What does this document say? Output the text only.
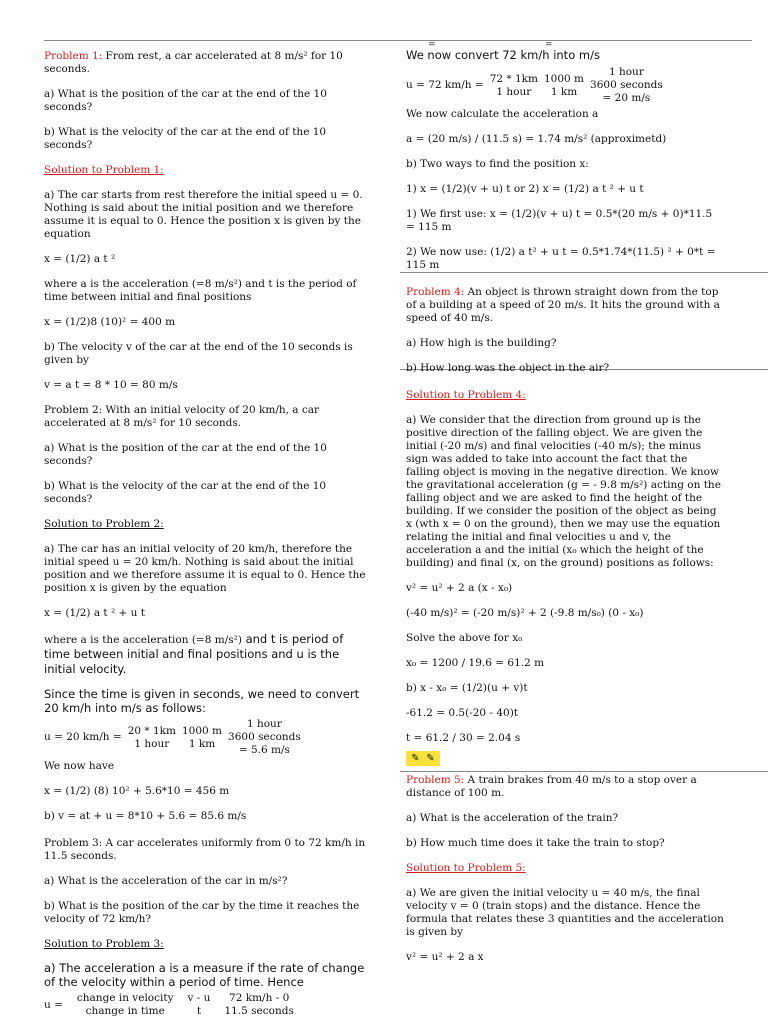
=	=

Problem 1: From rest, a car accelerated at 8 m/s² for 10 seconds.

a) What is the position of the car at the end of the 10 seconds?

b) What is the velocity of the car at the end of the 10 seconds?

Solution to Problem 1:

a) The car starts from rest therefore the initial speed u = 0. Nothing is said about the initial position and we therefore assume it is equal to 0. Hence the position x is given by the equation

x = (1/2) a t ²

where a is the acceleration (=8 m/s²) and t is the period of time between initial and final positions

x = (1/2)8 (10)² = 400 m

b) The velocity v of the car at the end of the 10 seconds is given by

v = a t = 8 * 10 = 80 m/s

Problem 2: With an initial velocity of 20 km/h, a car accelerated at 8 m/s² for 10 seconds.

a) What is the position of the car at the end of the 10 seconds?

b) What is the velocity of the car at the end of the 10 seconds?

Solution to Problem 2:

a) The car has an initial velocity of 20 km/h, therefore the initial speed u = 20 km/h. Nothing is said about the initial position and we therefore assume it is equal to 0. Hence the position x is given by the equation

x = (1/2) a t ² + u t

where a is the acceleration (=8 m/s²) and t is period of time between initial and final positions and u is the initial velocity.

Since the time is given in seconds, we need to convert 20 km/h into m/s as follows:

u = 20 km/h =
20 * 1km
1 hour
1000 m
1 km
1 hour
3600 seconds
= 5.6 m/s

We now have

x = (1/2) (8) 10² + 5.6*10 = 456 m

b) v = at + u = 8*10 + 5.6 = 85.6 m/s

Problem 3: A car accelerates uniformly from 0 to 72 km/h in 11.5 seconds.

a) What is the acceleration of the car in m/s²?

b) What is the position of the car by the time it reaches the velocity of 72 km/h?

Solution to Problem 3:

a) The acceleration a is a measure if the rate of change of the velocity within a period of time. Hence

u =
change in velocity
change in time
v - u
t
72 km/h - 0
11.5 seconds

We now convert 72 km/h into m/s

u = 72 km/h =
72 * 1km
1 hour
1000 m
1 km
1 hour
3600 seconds
= 20 m/s

We now calculate the acceleration a

a = (20 m/s) / (11.5 s) = 1.74 m/s² (approximetd)

b) Two ways to find the position x:

1) x = (1/2)(v + u) t or 2) x = (1/2) a t ² + u t

1) We first use: x = (1/2)(v + u) t = 0.5*(20 m/s + 0)*11.5 = 115 m

2) We now use: (1/2) a t² + u t = 0.5*1.74*(11.5) ² + 0*t = 115 m

Problem 4: An object is thrown straight down from the top of a building at a speed of 20 m/s. It hits the ground with a speed of 40 m/s.

a) How high is the building?

b) How long was the object in the air?

Solution to Problem 4:

a) We consider that the direction from ground up is the positive direction of the falling object. We are given the initial (-20 m/s) and final velocities (-40 m/s); the minus sign was added to take into account the fact that the falling object is moving in the negative direction. We know the gravitational acceleration (g = - 9.8 m/s²) acting on the falling object and we are asked to find the height of the building. If we consider the position of the object as being x (wth x = 0 on the ground), then we may use the equation relating the initial and final velocities u and v, the acceleration a and the initial (x₀ which the height of the building) and final (x, on the ground) positions as follows:

v² = u² + 2 a (x - x₀)

(-40 m/s)² = (-20 m/s)² + 2 (-9.8 m/s₀) (0 - x₀)

Solve the above for x₀

x₀ = 1200 / 19.6 = 61.2 m

b) x - x₀ = (1/2)(u + v)t

-61.2 = 0.5(-20 - 40)t

t = 61.2 / 30 = 2.04 s

✎ ✎

Problem 5: A train brakes from 40 m/s to a stop over a distance of 100 m.

a) What is the acceleration of the train?

b) How much time does it take the train to stop?

Solution to Problem 5:

a) We are given the initial velocity u = 40 m/s, the final velocity v = 0 (train stops) and the distance. Hence the formula that relates these 3 quantities and the acceleration is given by

v² = u² + 2 a x
